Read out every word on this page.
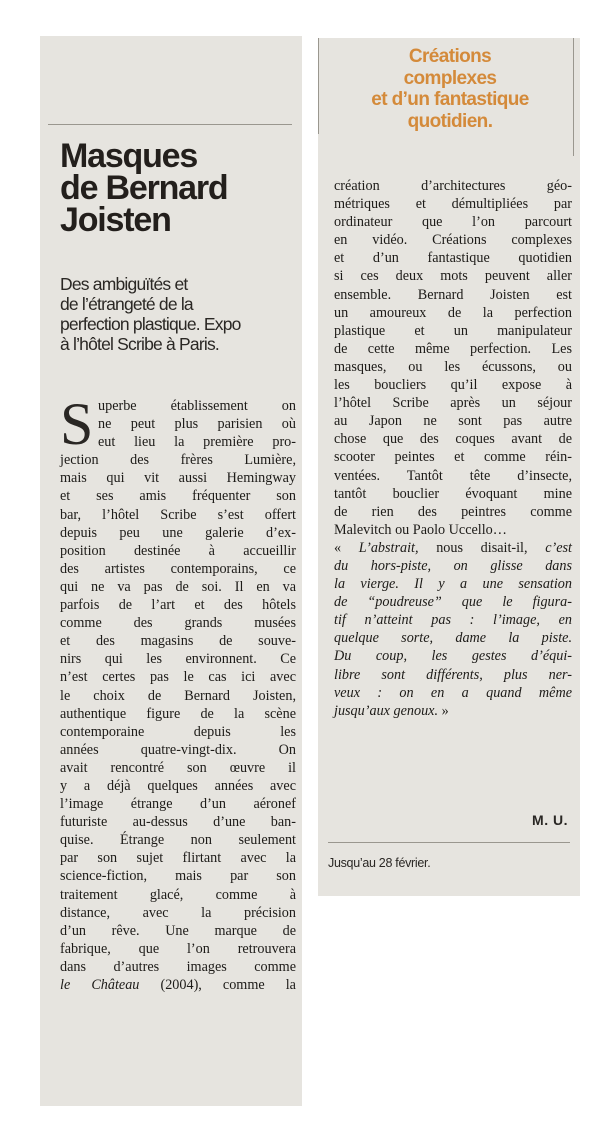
Masques
de Bernard
Joisten

Des ambiguïtés et
de l’étrangeté de la
perfection plastique. Expo
à l’hôtel Scribe à Paris.

S uperbe établissement on
ne peut plus parisien où
eut lieu la première pro-
jection des frères Lumière,
mais qui vit aussi Hemingway
et ses amis fréquenter son
bar, l’hôtel Scribe s’est offert
depuis peu une galerie d’ex-
position destinée à accueillir
des artistes contemporains, ce
qui ne va pas de soi. Il en va
parfois de l’art et des hôtels
comme des grands musées
et des magasins de souve-
nirs qui les environnent. Ce
n’est certes pas le cas ici avec
le choix de Bernard Joisten,
authentique figure de la scène
contemporaine depuis les
années quatre-vingt-dix. On
avait rencontré son œuvre il
y a déjà quelques années avec
l’image étrange d’un aéronef
futuriste au-dessus d’une ban-
quise. Étrange non seulement
par son sujet flirtant avec la
science-fiction, mais par son
traitement glacé, comme à
distance, avec la précision
d’un rêve. Une marque de
fabrique, que l’on retrouvera
dans d’autres images comme
le Château (2004), comme la

Créations
complexes
et d’un fantastique
quotidien.

création d’architectures géo-
métriques et démultipliées par
ordinateur que l’on parcourt
en vidéo. Créations complexes
et d’un fantastique quotidien
si ces deux mots peuvent aller
ensemble. Bernard Joisten est
un amoureux de la perfection
plastique et un manipulateur
de cette même perfection. Les
masques, ou les écussons, ou
les boucliers qu’il expose à
l’hôtel Scribe après un séjour
au Japon ne sont pas autre
chose que des coques avant de
scooter peintes et comme réin-
ventées. Tantôt tête d’insecte,
tantôt bouclier évoquant mine
de rien des peintres comme
Malevitch ou Paolo Uccello…
« L’abstrait, nous disait-il, c’est
du hors-piste, on glisse dans
la vierge. Il y a une sensation
de “poudreuse” que le figura-
tif n’atteint pas : l’image, en
quelque sorte, dame la piste.
Du coup, les gestes d’équi-
libre sont différents, plus ner-
veux : on en a quand même
jusqu’aux genoux. »

M. U.

Jusqu’au 28 février.
